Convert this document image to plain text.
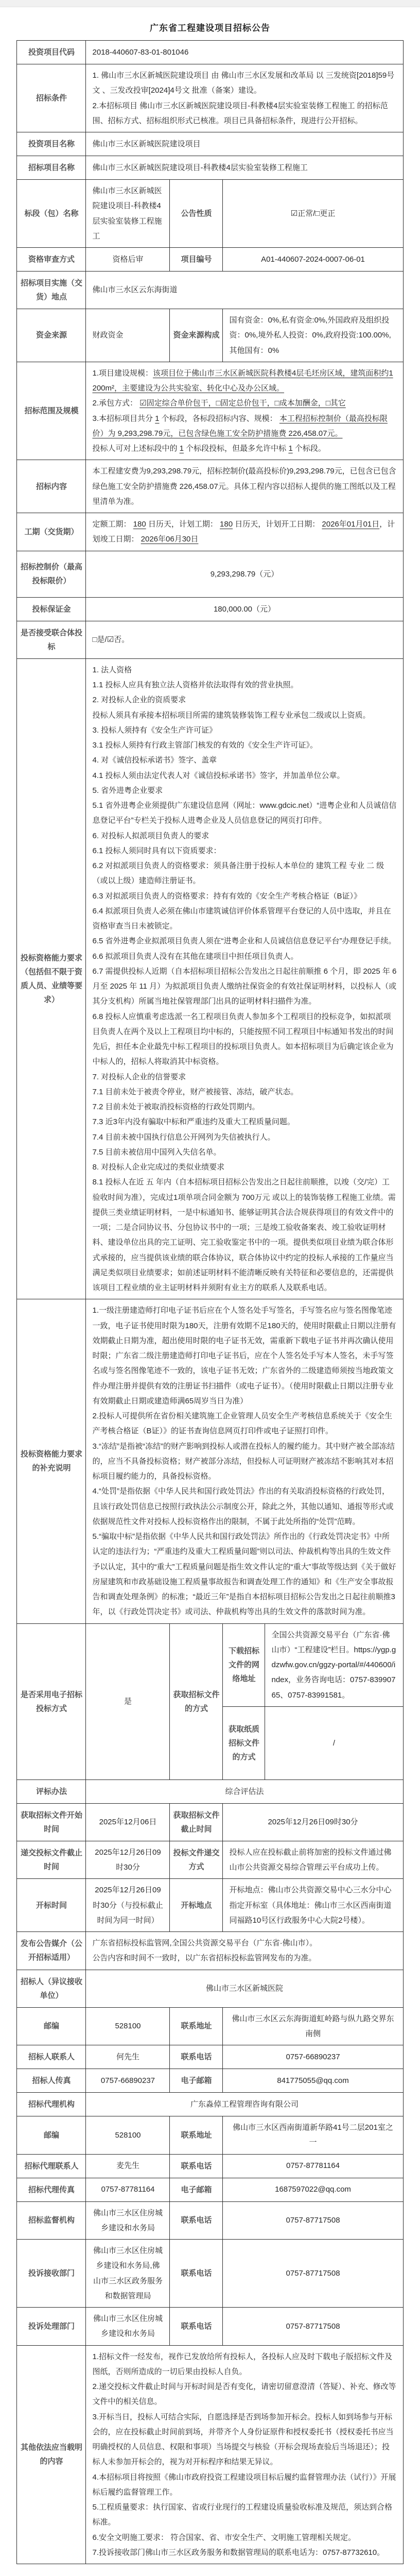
广东省工程建设项目招标公告
投资项目代码	2018-440607-83-01-801046			

招标条件	1. 佛山市三水区新城医院建设项目 由 佛山市三水区发展和改革局 以 三发统资[2018]59号文 、三发改投审[2024]4号文 批准（备案）建设。
2.本招标项目 佛山市三水区新城医院建设项目-科教楼4层实验室装修工程施工 的招标范围、招标方式、招标组织形式已核准。项目已具备招标条件，现进行公开招标。			

投资项目名称	佛山市三水区新城医院建设项目			

招标项目名称	佛山市三水区新城医院建设项目-科教楼4层实验室装修工程施工			

标段（包）名称	佛山市三水区新城医院建设项目-科教楼4层实验室装修工程施工	公告性质	☑正常/□更正	

资格审查方式	资格后审	项目编号	A01-440607-2024-0007-06-01	

招标项目实施（交货）地点	佛山市三水区云东海街道			

资金来源	财政资金	资金来源构成	国有资金：0%,私有资金:0%,外国政府及组织投资：0%,境外私人投资：0%,政府投资:100.00%,其他国有：0%	

招标范围及规模	1.项目建设规模：该项目位于佛山市三水区新城医院科教楼4层毛坯房区域，建筑面积约1200m²，主要建设为公共实验室、转化中心及办公区域。
2.承包方式： ☑固定综合单价包干，□固定总价包干，□成本加酬金，□其它
3.本招标项目共分 1 个标段，各标段招标内容、规模： 本工程招标控制价（最高投标限价）为 9,293,298.79元，已包含绿色施工安全防护措施费 226,458.07元。
投标人可对上述标段中的 1 个标段投标，但最多允许中标 1 个标段。			

招标内容	本工程建安费为9,293,298.79元，招标控制价(最高投标价)9,293,298.79元，已包含已包含绿色施工安全防护措施费 226,458.07元。具体工程内容以招标人提供的施工图纸以及工程里清单为准。			

工期（交货期）	定额工期： 180 日历天，计划工期： 180 日历天，计划开工日期： 2026年01月01日，计划竣工日期： 2026年06月30日			

招标控制价（最高投标限价）	9,293,298.79（元）			

投标保证金	180,000.00（元）			

是否接受联合体投标	□是/☑否。			

投标资格能力要求（包括但不限于资质人员、业绩等要求）

1. 法人资格
1.1 投标人应具有独立法人资格并依法取得有效的营业执照。
2. 对投标人企业的资质要求
投标人须具有承接本招标项目所需的建筑装修装饰工程专业承包二级或以上资质。
3. 投标人须持有《安全生产许可证》
3.1 投标人须持有行政主管部门核发的有效的《安全生产许可证》。
4. 对《诚信投标承诺书》签字、盖章
4.1 投标人须由法定代表人对《诚信投标承诺书》签字，并加盖单位公章。
5. 省外进粤企业要求
5.1 省外进粤企业须提供广东建设信息网（网址：www.gdcic.net）“进粤企业和人员诚信信息登记平台”专栏关于投标人进粤企业及人员信息登记的网页打印件。
6. 对投标人拟派项目负责人的要求
6.1 投标人须同时具有以下资质要求：
6.2 对拟派项目负责人的资格要求：须具备注册于投标人本单位的 建筑工程 专业 二 级（或以上级）建造师注册证书。
6.3 对拟派项目负责人的资格要求：持有有效的《安全生产考核合格证（B证）》
6.4 拟派项目负责人必须在佛山市建筑诚信评价体系管理平台登记的人员中选取，并且在资格审查当日未被锁定。
6.5 省外进粤企业拟派项目负责人须在“进粤企业和人员诚信信息登记平台”办理登记手续。
6.6 拟派项目负责人没有在其他在建项目中担任项目负责人。
6.7 需提供投标人近期（自本招标项目招标公告发出之日起往前顺推 6 个月，即 2025 年 6 月至 2025 年 11 月）为拟派项目负责人缴纳社保资金的有效社保证明材料，以投标人（或其分支机构）所属当地社保管理部门出具的证明材料扫描件为准。
6.8 投标人应慎重考虑选派一名工程项目负责人参加多个工程项目的投标竞争，如拟派项目负责人在两个及以上工程项目均中标的，只能按照不同工程项目中标通知书发出的时间先后，担任本企业最先中标工程项目的投标项目负责人。如本招标项目为后确定该企业为中标人的，招标人将取消其中标资格。
7. 对投标人企业的信誉要求
7.1 目前未处于被责令停业，财产被接管、冻结，破产状态。
7.2 目前未处于被取消投标资格的行政处罚期内。
7.3 近3年内没有骗取中标和严重违约及重大工程质量问题。
7.4 目前未被中国执行信息公开网列为失信被执行人。
7.5 目前未被信用中国列入失信名单。
8. 对投标人企业完成过的类似业绩要求
8.1 投标人在近 五 年内（自本招标项目招标公告发出之日起往前顺推，以竣（交/完）工验收时间为准），完成过1项单项合同金额为 700万元 或以上的装饰装修工程施工业绩。需提供三类业绩证明材料，一是中标通知书、能够证明其合法合规获得项目的有效文件中的一项；二是合同协议书、分包协议书中的一项；三是竣工验收备案表、竣工验收证明材料、建设单位出具的完工证明、完工验收鉴定书中的一项。提供类似项目业绩为联合体形式承接的，应当提供该业绩的联合体协议，联合体协议中约定的投标人承接的工作量应当满足类似项目业绩要求；如前述证明材料不能清晰反映有关特征和必要信息的，还需提供该项目工程业绩的业主证明材料并须附有业主方的联系人及联系电话。

投标资格能力要求的补充说明	1.一级注册建造师打印电子证书后应在个人签名处手写签名，手写签名应与签名图像笔迹一致，电子证书使用时限为180天，注册有效期不足180天的，使用时限截止日期以注册有效期截止日期为准，超出使用时限的电子证书无效，需重新下载电子证书并再次确认使用时限；广东省二级注册建造师打印电子证书后，应在个人签名处手写本人签名，未手写签名或与签名图像笔迹不一致的，该电子证书无效；广东省外的二级建造师须按当地政策文件办理注册并提供有效的注册证书扫描件（或电子证书）。（使用时限截止日期以注册专业有效期截止日期或建造师满65周岁当日为准）
2.投标人可提供所在省份相关建筑施工企业管理人员安全生产考核信息系统关于《安全生产考核合格证（B证）》的证书查询信息网页打印件或电子证照打印件。
3.“冻结”是指被“冻结”的财产影响到投标人或潜在投标人的履约能力。其中财产被全部冻结的，应当不具备投标资格；财产被部分冻结，但投标人可证明财产被冻结不影响其对本招标项目履约能力的，具备投标资格。
4.“处罚”是指依据《中华人民共和国行政处罚法》作出的有关取消投标资格的行政处罚，且该行政处罚信息已按照行政执法公示制度公开，除此之外，其他以通知、通报等形式或依据规范性文件对投标人投标资格作出的限制，不属于此处所指的“处罚”范畴。
5.“骗取中标”是指依据《中华人民共和国行政处罚法》所作出的《行政处罚决定书》中所认定的违法行为；“严重违约及重大工程质量问题”则以司法、仲裁机构等出具的生效文件予以认定，其中的“重大”工程质量问题是指生效文件认定的“重大”事故等级达到《关于做好房屋建筑和市政基础设施工程质量事故报告和调查处理工作的通知》和《生产安全事故报告和调查处理条例》的标准；“最近三年”是指自本招标项目招标公告发出之日起往前顺推3年，以《行政处罚决定书》或司法、仲裁机构等出具的生效文件的落款时间为准。			

是否采用电子招标投标方式	是	获取招标文件的方式	下载招标文件的网络地址	全国公共资源交易平台（广东省·佛山市）“工程建设”栏目。https://ygp.gdzwfw.gov.cn/ggzy-portal/#/440600/index，业务咨询电话：0757-83990765、0757-83991581。

			获取纸质招标文件的方式	/

评标办法	综合评估法			

获取招标文件开始时间	2025年12月06日	获取招标文件截止时间	2025年12月26日09时30分	

递交投标文件截止时间	2025年12月26日09时30分	投标文件递交方式	投标人应在投标截止前将加密的投标文件通过佛山市公共资源交易综合管理云平台成功上传。	

开标时间	2025年12月26日09时30分（与投标截止时间为同一时间）	开标地点	开标地点：佛山市公共资源交易中心三水分中心指定开标室（具体地址：佛山市三水区西南街道同福路10号区行政服务中心大院2号楼）。	

发布公告媒介（公开招标适用）	广东省招标投标监管网,全国公共资源交易平台（广东省·佛山市）。
公告内容和时间不一致时，以广东省招标投标监管网发布的为准。			

招标人（异议接收单位）	佛山市三水区新城医院			

邮编	528100	联系地址	佛山市三水区云东海街道虹岭路与纵九路交界东南侧	

招标人联系人	何先生	联系电话	0757-66890237	

招标人传真	0757-66890237	电子邮箱	841775055@qq.com	

招标代理机构	广东淼倬工程管理咨询有限公司			

邮编	528100	联系地址	佛山市三水区西南街道新华路41号二层201室之一	

招标代理联系人	麦先生	联系电话	0757-87781164	

招标代理传真	0757-87781164	电子邮箱	1687597022@qq.com	

招标监督机构	佛山市三水区住房城乡建设和水务局	联系电话	0757-87717508	

投诉接收部门	佛山市三水区住房城乡建设和水务局,佛山市三水区政务服务和数据管理局	联系电话	0757-87717508	

投诉处理部门	佛山市三水区住房城乡建设和水务局	联系电话	0757-87717508	

其他依法应当载明的内容

1.招标文件一经发布，视作已发放给所有投标人，各投标人应及时下载电子版招标文件及图纸，否则所造成的一切后果由投标人自负。
2.递交投标文件截止时间与开标时间是否有变化，请密切留意澄清（答疑）、补充、修改等文件中的相关信息。
3.开标当日，投标人可结合实际，自愿选择是否到场参加开标会。投标人如到场参与开标会的，应在投标截止时间前到场，并带齐个人身份证原件和授权委托书（授权委托书应当明确授权的人员信息、权限和事项）当场提交与核验（开标会现场查验后当场退还）；投标人未参加开标会的，视为对开标程序和结果无异议。
4.本招标项目将按照《佛山市政府投资工程建设项目标后履约监督管理办法（试行）》开展标后履约监督管理工作。
5.工程质量要求：执行国家、省或行业现行的工程建设质量验收标准及规范，须达到合格标准。
6.安全文明施工要求： 符合国家、省、市安全生产、文明施工管理相关规定。
7.投诉接收部门佛山市三水区政务服务和数据管理局的联系电话为：0757-87732610。
